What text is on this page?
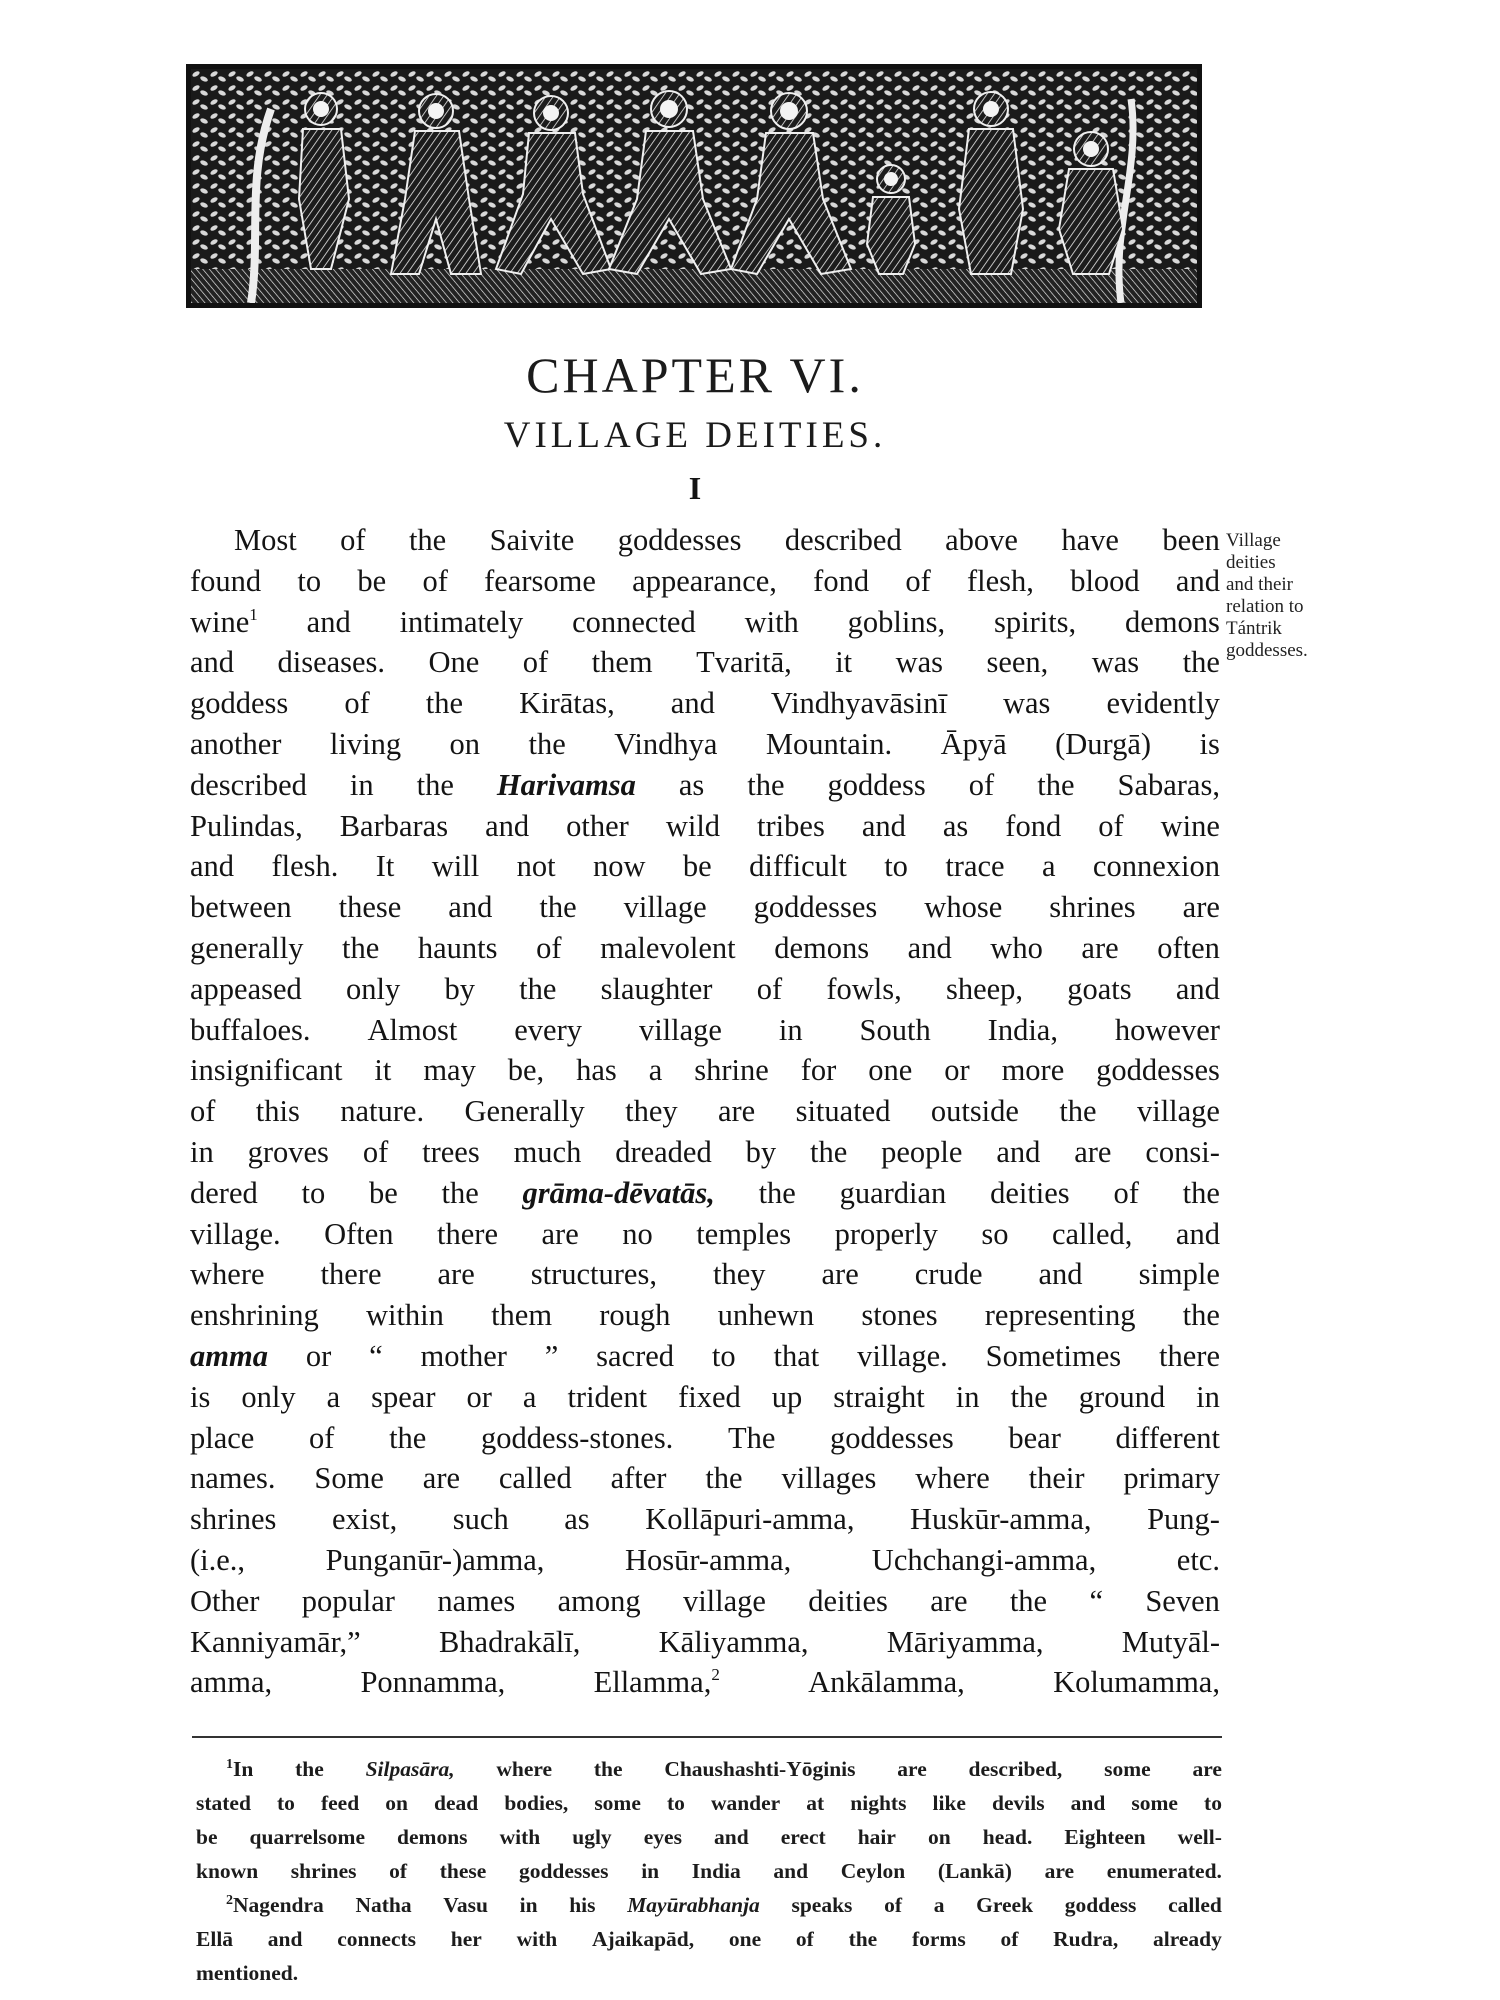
CHAPTER VI.
VILLAGE DEITIES.
I
Village
deities
and their
relation to
Tántrik
goddesses.
Most of the Saivite goddesses described above have been
found to be of fearsome appearance, fond of flesh, blood and
wine$^1$ and intimately connected with goblins, spirits, demons
and diseases. One of them Tvaritā, it was seen, was the
goddess of the Kirātas, and Vindhyavāsinī was evidently
another living on the Vindhya Mountain. Āpyā (Durgā) is
described in the Harivamsa as the goddess of the Sabaras,
Pulindas, Barbaras and other wild tribes and as fond of wine
and flesh. It will not now be difficult to trace a connexion
between these and the village goddesses whose shrines are
generally the haunts of malevolent demons and who are often
appeased only by the slaughter of fowls, sheep, goats and
buffaloes. Almost every village in South India, however
insignificant it may be, has a shrine for one or more goddesses
of this nature. Generally they are situated outside the village
in groves of trees much dreaded by the people and are consi-
dered to be the grāma-dēvatās, the guardian deities of the
village. Often there are no temples properly so called, and
where there are structures, they are crude and simple
enshrining within them rough unhewn stones representing the
amma or “ mother ” sacred to that village. Sometimes there
is only a spear or a trident fixed up straight in the ground in
place of the goddess-stones. The goddesses bear different
names. Some are called after the villages where their primary
shrines exist, such as Kollāpuri-amma, Huskūr-amma, Pung-
(i.e.,	Punganūr-)amma,	Hosūr-amma,	Uchchangi-amma,	etc.
Other popular names among village deities are the “ Seven
Kanniyamār,”	Bhadrakālī,	Kāliyamma,	Māriyamma,	Mutyāl-
amma,	Ponnamma,	Ellamma,$^2$	Ankālamma,	Kolumamma,
$^1$In the Silpasāra, where the Chaushashti-Yōginis are described, some are
stated to feed on dead bodies, some to wander at nights like devils and some to
be quarrelsome demons with ugly eyes and erect hair on head. Eighteen well-
known shrines of these goddesses in India and Ceylon (Lankā) are enumerated.
$^2$Nagendra Natha Vasu in his Mayūrabhanja speaks of a Greek goddess called
Ellā and connects her with Ajaikapād, one of the forms of Rudra, already
mentioned.
